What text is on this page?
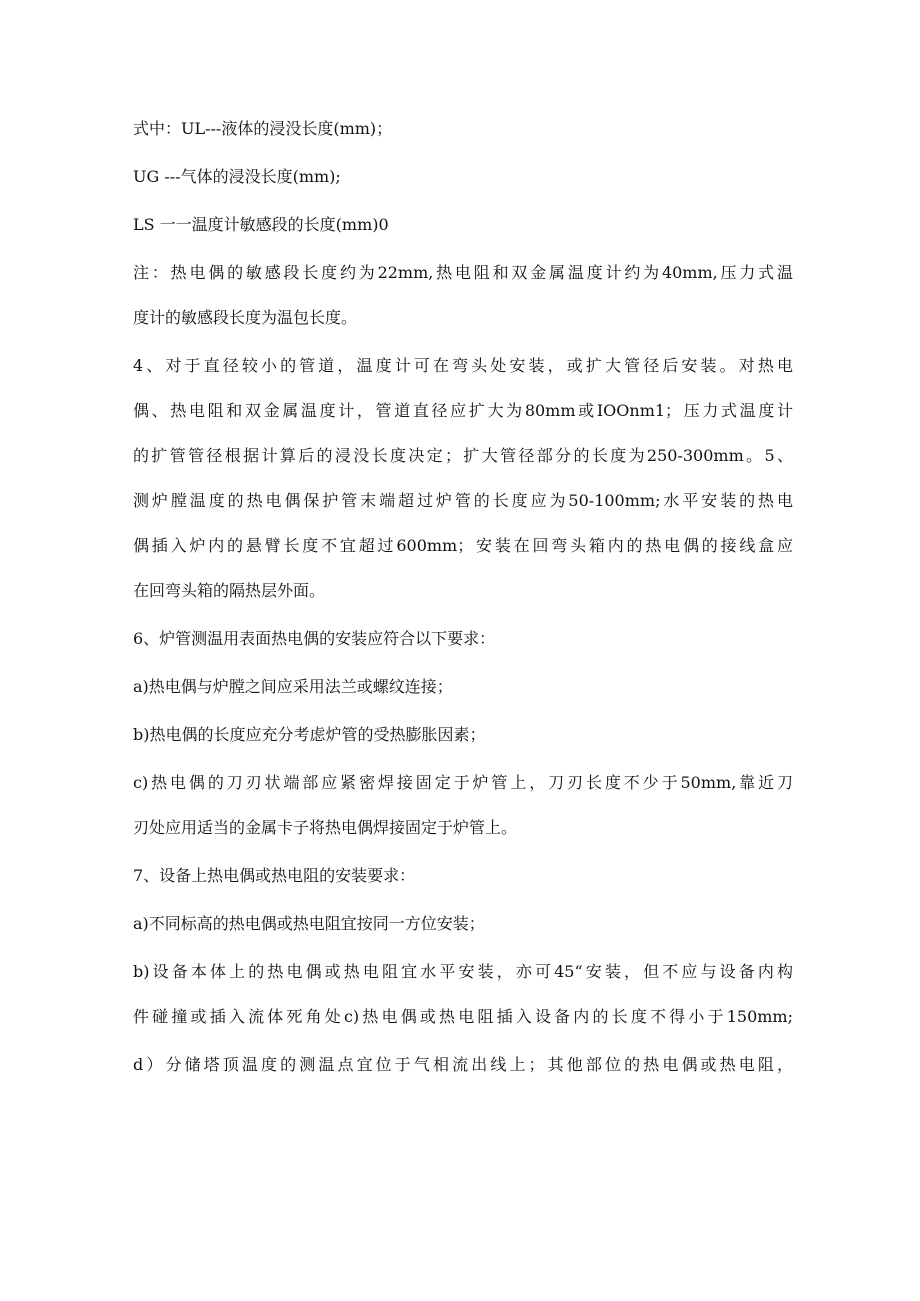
式中：UL---液体的浸没长度(mm)；

UG ---气体的浸没长度(mm);

LS 一一温度计敏感段的长度(mm)0

注：热电偶的敏感段长度约为22mm,热电阻和双金属温度计约为40mm,压力式温

度计的敏感段长度为温包长度。

4、对于直径较小的管道，温度计可在弯头处安装，或扩大管径后安装。对热电

偶、热电阻和双金属温度计，管道直径应扩大为80mm或IOOnm1；压力式温度计

的扩管管径根据计算后的浸没长度决定；扩大管径部分的长度为250-300mm。5、

测炉膛温度的热电偶保护管末端超过炉管的长度应为50-100mm;水平安装的热电

偶插入炉内的悬臂长度不宜超过600mm；安装在回弯头箱内的热电偶的接线盒应

在回弯头箱的隔热层外面。

6、炉管测温用表面热电偶的安装应符合以下要求：

a)热电偶与炉膛之间应采用法兰或螺纹连接；

b)热电偶的长度应充分考虑炉管的受热膨胀因素；

c)热电偶的刀刃状端部应紧密焊接固定于炉管上，刀刃长度不少于50mm,靠近刀

刃处应用适当的金属卡子将热电偶焊接固定于炉管上。

7、设备上热电偶或热电阻的安装要求：

a)不同标高的热电偶或热电阻宜按同一方位安装；

b)设备本体上的热电偶或热电阻宜水平安装，亦可45“安装，但不应与设备内构

件碰撞或插入流体死角处c)热电偶或热电阻插入设备内的长度不得小于150mm;

d）分储塔顶温度的测温点宜位于气相流出线上；其他部位的热电偶或热电阻，
